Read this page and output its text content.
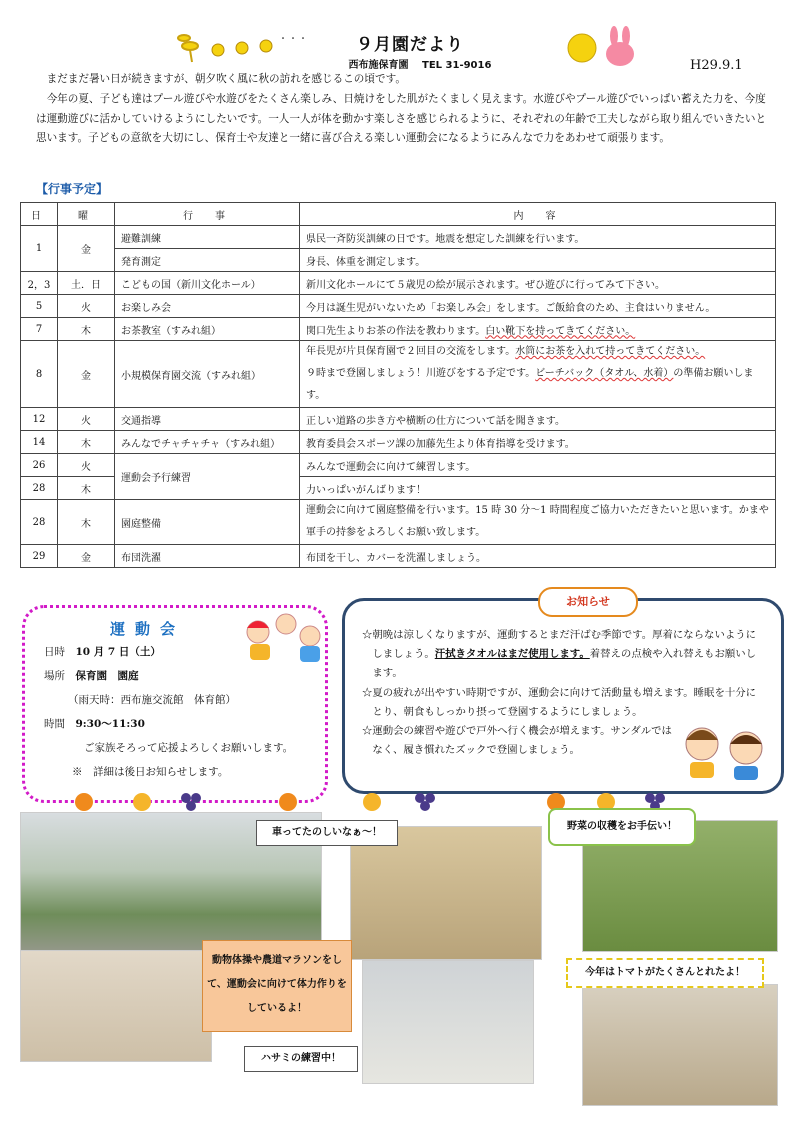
・・・	９月園だより
西布施保育園　 TEL 31-9016	H29.9.1

まだまだ暑い日が続きますが、朝夕吹く風に秋の訪れを感じるこの頃です。

今年の夏、子ども達はプール遊びや水遊びをたくさん楽しみ、日焼けをした肌がたくましく見えます。水遊びやプール遊びでいっぱい蓄えた力を、今度は運動遊びに活かしていけるようにしたいです。一人一人が体を動かす楽しさを感じられるように、それぞれの年齢で工夫しながら取り組んでいきたいと思います。子どもの意欲を大切にし、保育士や友達と一緒に喜び合える楽しい運動会になるようにみんなで力をあわせて頑張ります。

【行事予定】
日	曜	行　事	内　容
1	金	避難訓練	県民一斉防災訓練の日です。地震を想定した訓練を行います。
		発育測定	身長、体重を測定します。
2，3	土．日	こどもの国（新川文化ホール）	新川文化ホールにて５歳児の絵が展示されます。ぜひ遊びに行ってみて下さい。
5	火	お楽しみ会	今月は誕生児がいないため「お楽しみ会」をします。ご飯給食のため、主食はいりません。
7	木	お茶教室（すみれ組）	関口先生よりお茶の作法を教わります。白い靴下を持ってきてください。
8	金	小規模保育園交流（すみれ組）	年長児が片貝保育園で２回目の交流をします。水筒にお茶を入れて持ってきてください。
９時まで登園しましょう！川遊びをする予定です。ビーチバック（タオル、水着）の準備お願いします。
12	火	交通指導	正しい道路の歩き方や横断の仕方について話を聞きます。
14	木	みんなでチャチャチャ（すみれ組）	教育委員会スポーツ課の加藤先生より体育指導を受けます。
26	火	運動会予行練習	みんなで運動会に向けて練習します。
28	木		力いっぱいがんばります！
28	木	園庭整備	運動会に向けて園庭整備を行います。15 時 30 分～1 時間程度ご協力いただきたいと思います。かまや軍手の持参をよろしくお願い致します。
29	金	布団洗濯	布団を干し、カバーを洗濯しましょう。
運動会
日時　 10 月 7 日（土）
場所　 保育園　園庭
（雨天時：西布施交流館　体育館）
時間　 9:30～11:30
ご家族そろって応援よろしくお願いします。
※　詳細は後日お知らせします。
お知らせ

☆朝晩は涼しくなりますが、運動するとまだ汗ばむ季節です。厚着にならないようにしましょう。汗拭きタオルはまだ使用します。着替えの点検や入れ替えもお願いします。

☆夏の疲れが出やすい時期ですが、運動会に向けて活動量も増えます。睡眠を十分にとり、朝食もしっかり摂って登園するようにしましょう。

☆運動会の練習や遊びで戸外へ行く機会が増えます。サンダルではなく、履き慣れたズックで登園しましょう。

車ってたのしいなぁ～！
野菜の収穫をお手伝い！
動物体操や農道マラソンをして、運動会に向けて体力作りをしているよ！
ハサミの練習中！
今年はトマトがたくさんとれたよ！
